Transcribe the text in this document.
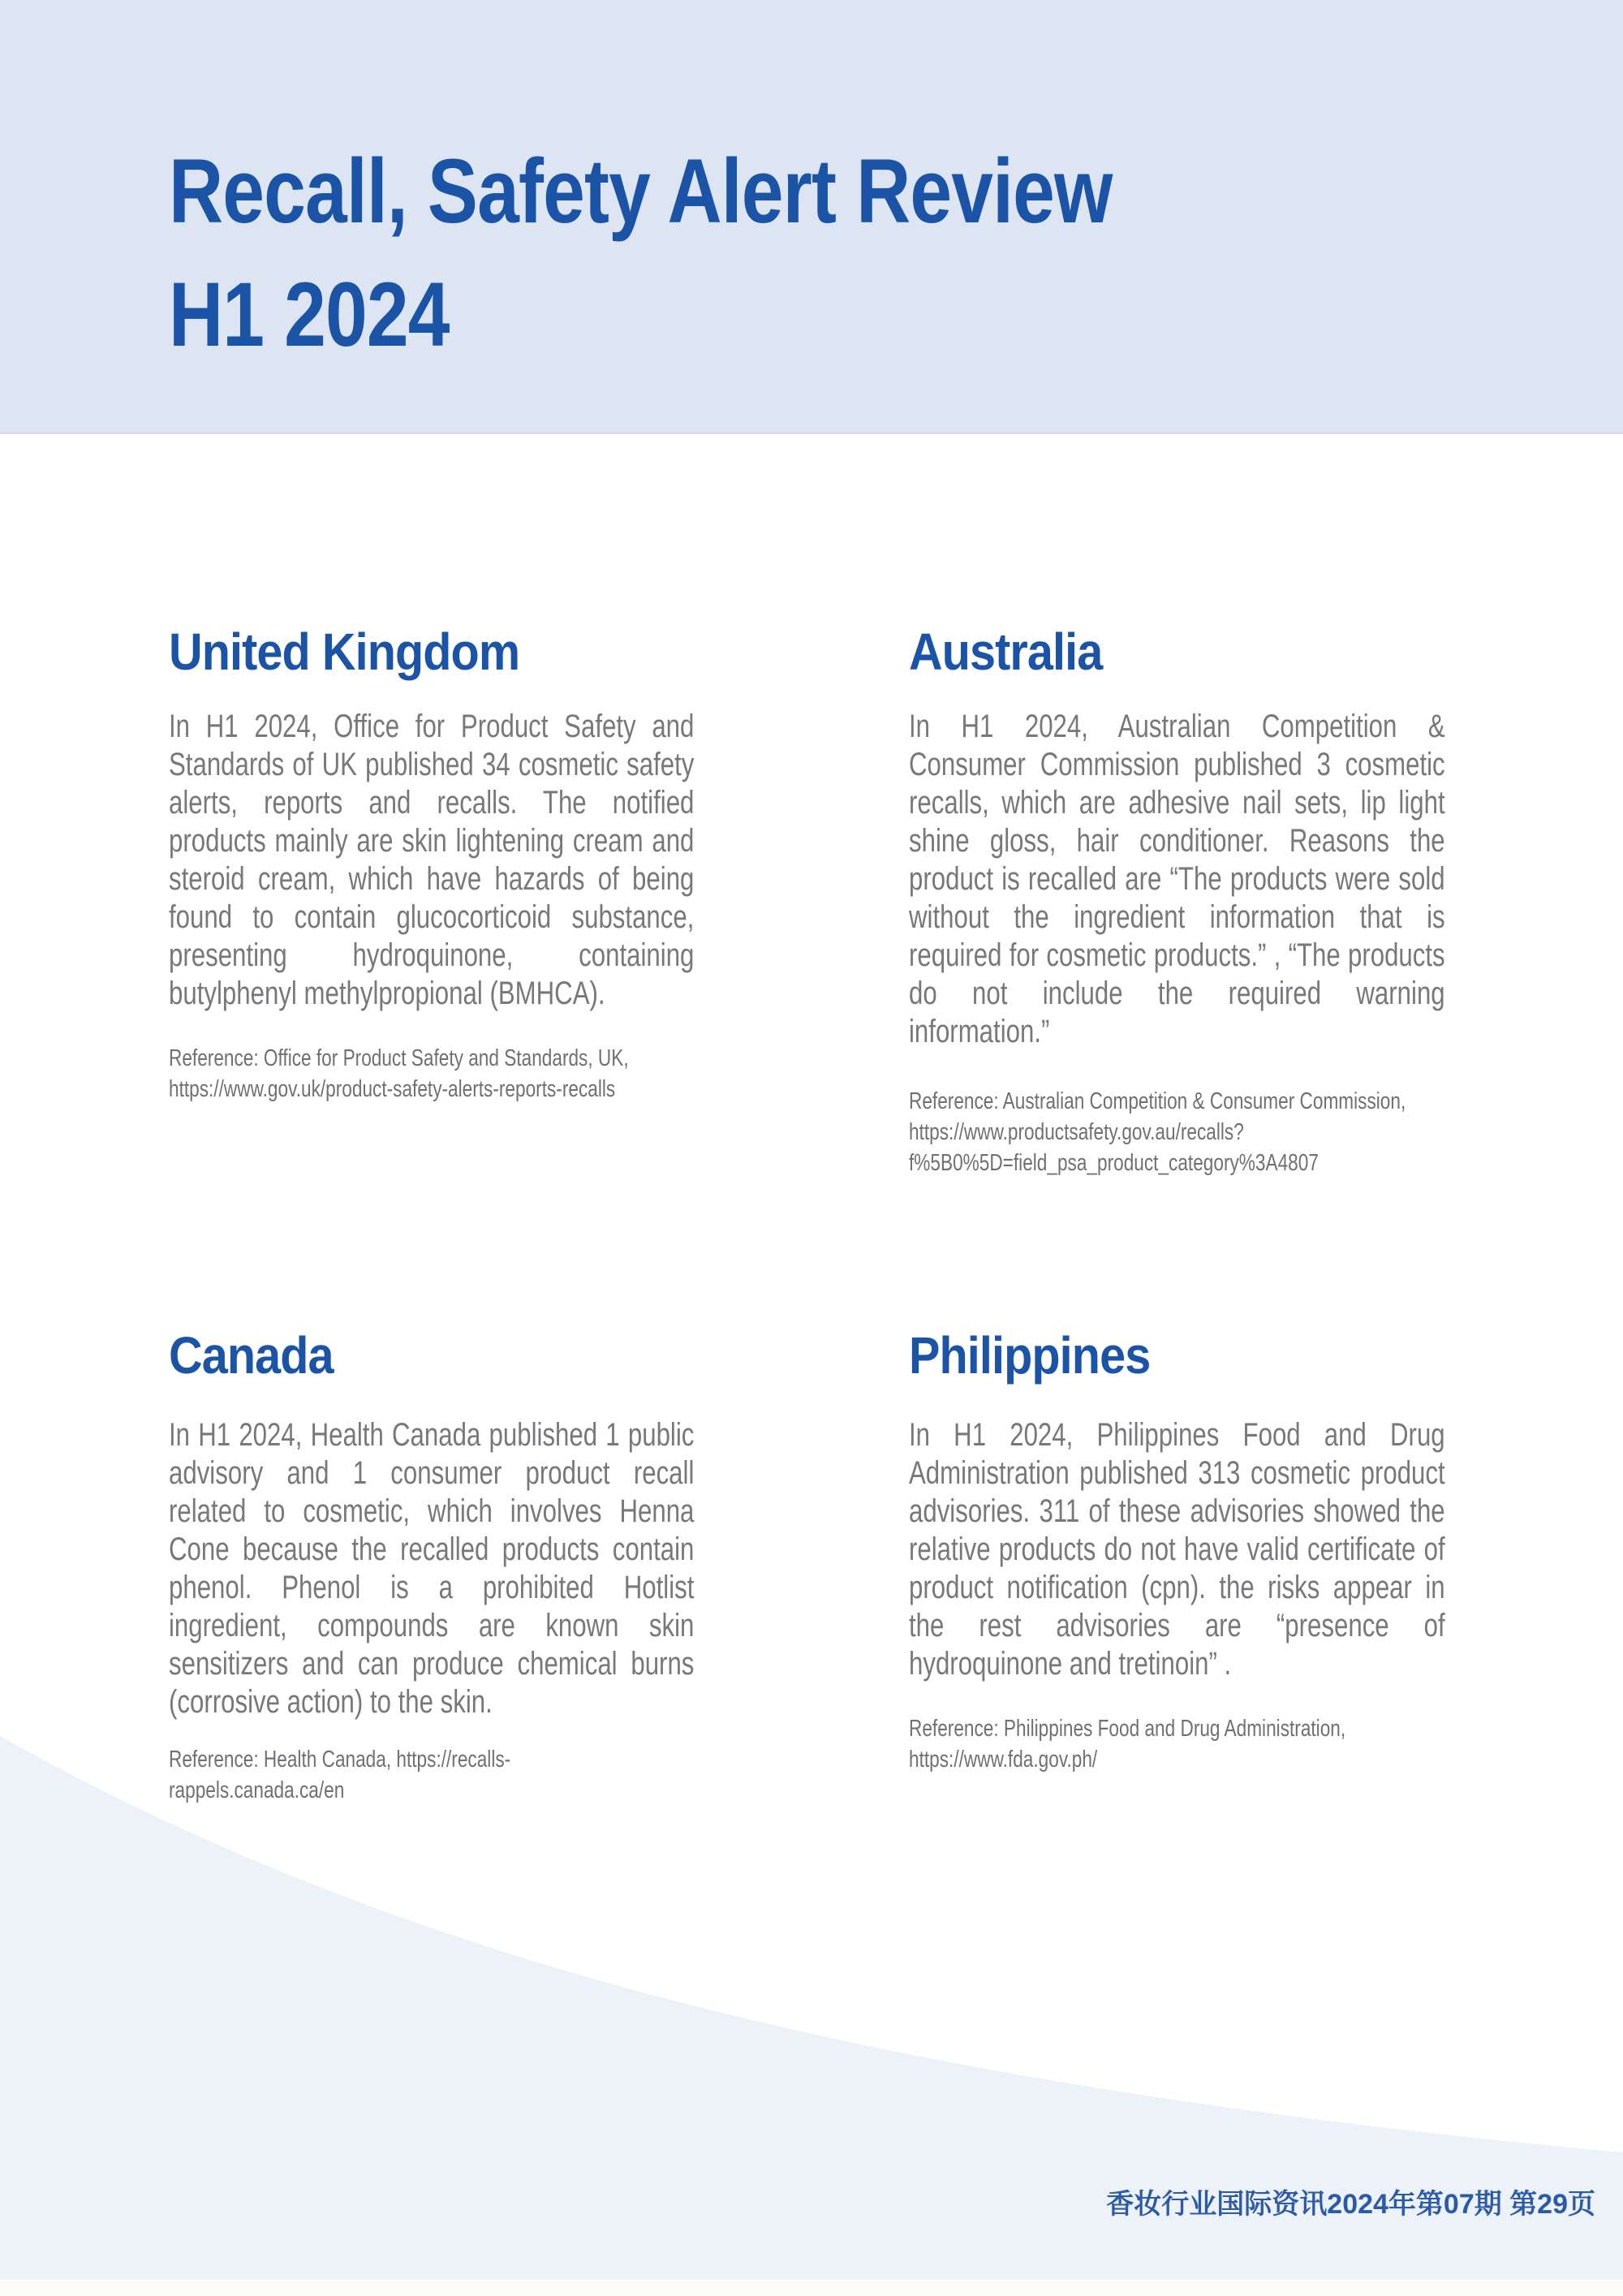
Recall, Safety Alert Review
H1 2024
United Kingdom

In H1 2024, Office for Product Safety and Standards of UK published 34 cosmetic safety alerts, reports and recalls. The notified products mainly are skin lightening cream and steroid cream, which have hazards of being found to contain glucocorticoid substance, presenting hydroquinone, containing butylphenyl methylpropional (BMHCA).

Reference: Office for Product Safety and Standards, UK, https://www.gov.uk/product-safety-alerts-reports-recalls

Australia

In H1 2024, Australian Competition & Consumer Commission published 3 cosmetic recalls, which are adhesive nail sets, lip light shine gloss, hair conditioner. Reasons the product is recalled are “The products were sold without the ingredient information that is required for cosmetic products.” , “The products do not include the required warning information.”

Reference: Australian Competition & Consumer Commission, https://www.productsafety.gov.au/recalls?f%5B0%5D=field_psa_product_category%3A4807

Canada

In H1 2024, Health Canada published 1 public advisory and 1 consumer product recall related to cosmetic, which involves Henna Cone because the recalled products contain phenol. Phenol is a prohibited Hotlist ingredient, compounds are known skin sensitizers and can produce chemical burns (corrosive action) to the skin.

Reference: Health Canada, https://recalls-rappels.canada.ca/en

Philippines

In H1 2024, Philippines Food and Drug Administration published 313 cosmetic product advisories. 311 of these advisories showed the relative products do not have valid certificate of product notification (cpn). the risks appear in the rest advisories are “presence of hydroquinone and tretinoin” .

Reference: Philippines Food and Drug Administration, https://www.fda.gov.ph/

香妆行业国际资讯2024年第07期 第29页
